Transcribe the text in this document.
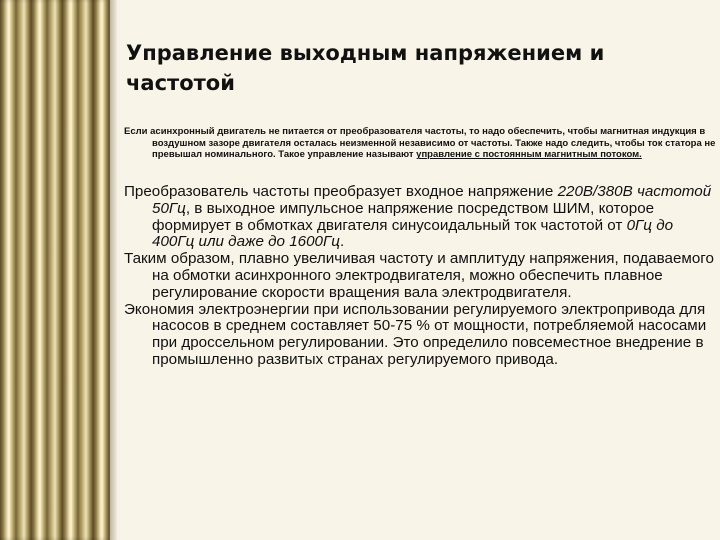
Управление выходным напряжением и частотой
Если асинхронный двигатель не питается от преобразователя частоты, то надо обеспечить, чтобы магнитная индукция в воздушном зазоре двигателя осталась неизменной независимо от частоты. Также надо следить, чтобы ток статора не превышал номинального. Такое управление называют управление с постоянным магнитным потоком.

Преобразователь частоты преобразует входное напряжение 220В/380В частотой 50Гц, в выходное импульсное напряжение посредством ШИМ, которое формирует в обмотках двигателя синусоидальный ток частотой от 0Гц до 400Гц или даже до 1600Гц.

Таким образом, плавно увеличивая частоту и амплитуду напряжения, подаваемого на обмотки асинхронного электродвигателя, можно обеспечить плавное регулирование скорости вращения вала электродвигателя.

Экономия электроэнергии при использовании регулируемого электропривода для насосов в среднем составляет 50-75 % от мощности, потребляемой насосами при дроссельном регулировании. Это определило повсеместное внедрение в промышленно развитых странах регулируемого привода.
